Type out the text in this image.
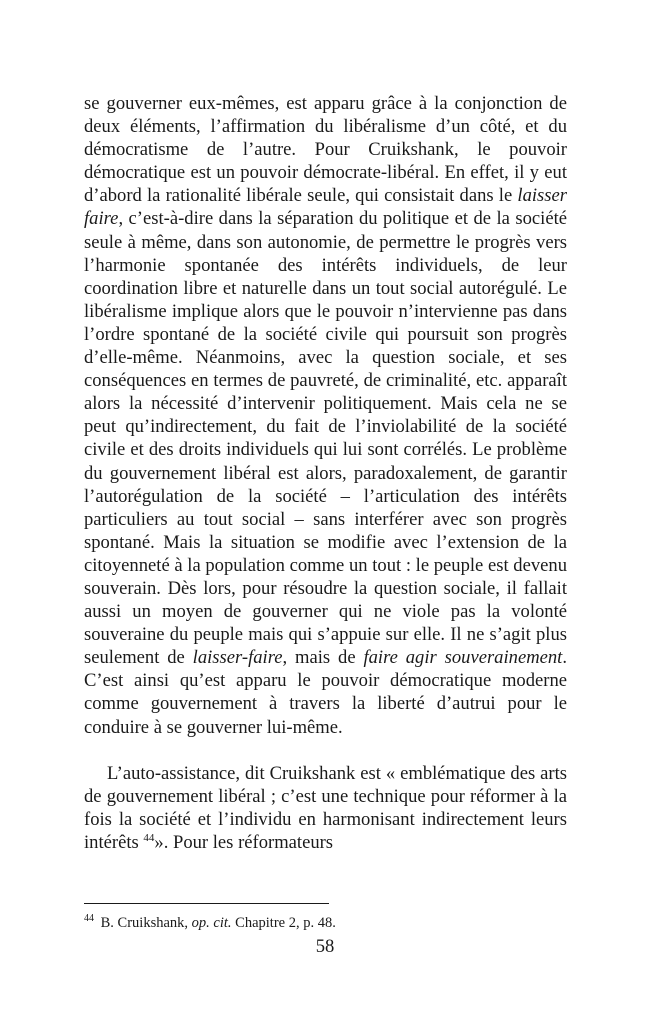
se gouverner eux-mêmes, est apparu grâce à la conjonction de deux éléments, l’affirmation du libéralisme d’un côté, et du démocratisme de l’autre. Pour Cruikshank, le pouvoir démocratique est un pouvoir démocrate-libéral. En effet, il y eut d’abord la rationalité libérale seule, qui consistait dans le laisser faire, c’est-à-dire dans la séparation du politique et de la société seule à même, dans son autonomie, de permettre le progrès vers l’harmonie spontanée des intérêts individuels, de leur coordination libre et naturelle dans un tout social autorégulé. Le libéralisme implique alors que le pouvoir n’intervienne pas dans l’ordre spontané de la société civile qui poursuit son progrès d’elle-même. Néanmoins, avec la question sociale, et ses conséquences en termes de pauvreté, de criminalité, etc. apparaît alors la nécessité d’intervenir politiquement. Mais cela ne se peut qu’indirectement, du fait de l’inviolabilité de la société civile et des droits individuels qui lui sont corrélés. Le problème du gouvernement libéral est alors, paradoxalement, de garantir l’autorégulation de la société – l’articulation des intérêts particuliers au tout social – sans interférer avec son progrès spontané. Mais la situation se modifie avec l’extension de la citoyenneté à la population comme un tout : le peuple est devenu souverain. Dès lors, pour résoudre la question sociale, il fallait aussi un moyen de gouverner qui ne viole pas la volonté souveraine du peuple mais qui s’appuie sur elle. Il ne s’agit plus seulement de laisser-faire, mais de faire agir souverainement. C’est ainsi qu’est apparu le pouvoir démocratique moderne comme gouvernement à travers la liberté d’autrui pour le conduire à se gouverner lui-même.

L’auto-assistance, dit Cruikshank est « emblématique des arts de gouvernement libéral ; c’est une technique pour réformer à la fois la société et l’individu en harmonisant indirectement leurs intérêts $^{44}$». Pour les réformateurs

$^{44}$ B. Cruikshank, op. cit. Chapitre 2, p. 48.

58
